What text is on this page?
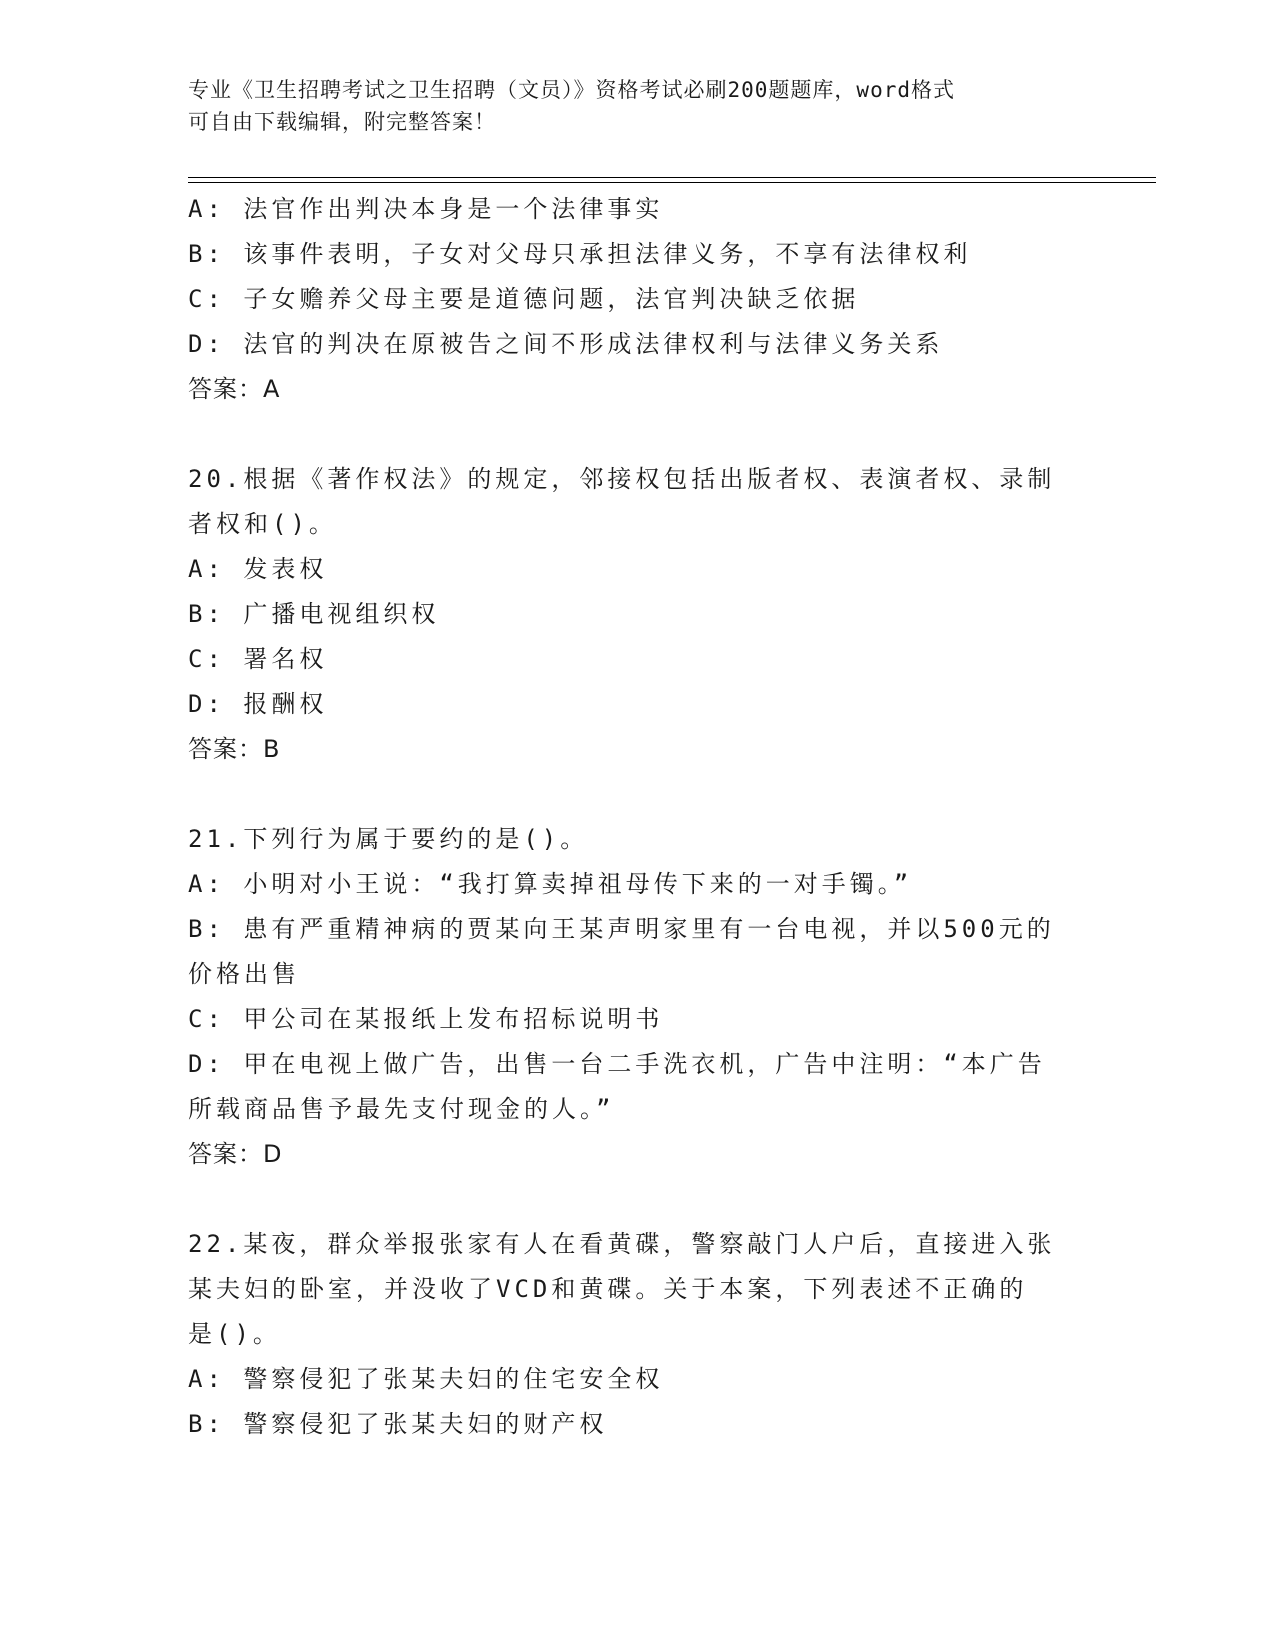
专业《卫生招聘考试之卫生招聘（文员）》资格考试必刷200题题库，word格式
可自由下载编辑，附完整答案！
A: 法官作出判决本身是一个法律事实
B: 该事件表明，子女对父母只承担法律义务，不享有法律权利
C: 子女赡养父母主要是道德问题，法官判决缺乏依据
D: 法官的判决在原被告之间不形成法律权利与法律义务关系
答案：A
20.根据《著作权法》的规定，邻接权包括出版者权、表演者权、录制
者权和()。
A: 发表权
B: 广播电视组织权
C: 署名权
D: 报酬权
答案：B
21.下列行为属于要约的是()。
A: 小明对小王说：“我打算卖掉祖母传下来的一对手镯。”
B: 患有严重精神病的贾某向王某声明家里有一台电视，并以500元的
价格出售
C: 甲公司在某报纸上发布招标说明书
D: 甲在电视上做广告，出售一台二手洗衣机，广告中注明：“本广告
所载商品售予最先支付现金的人。”
答案：D
22.某夜，群众举报张家有人在看黄碟，警察敲门人户后，直接进入张
某夫妇的卧室，并没收了VCD和黄碟。关于本案，下列表述不正确的
是()。
A: 警察侵犯了张某夫妇的住宅安全权
B: 警察侵犯了张某夫妇的财产权
